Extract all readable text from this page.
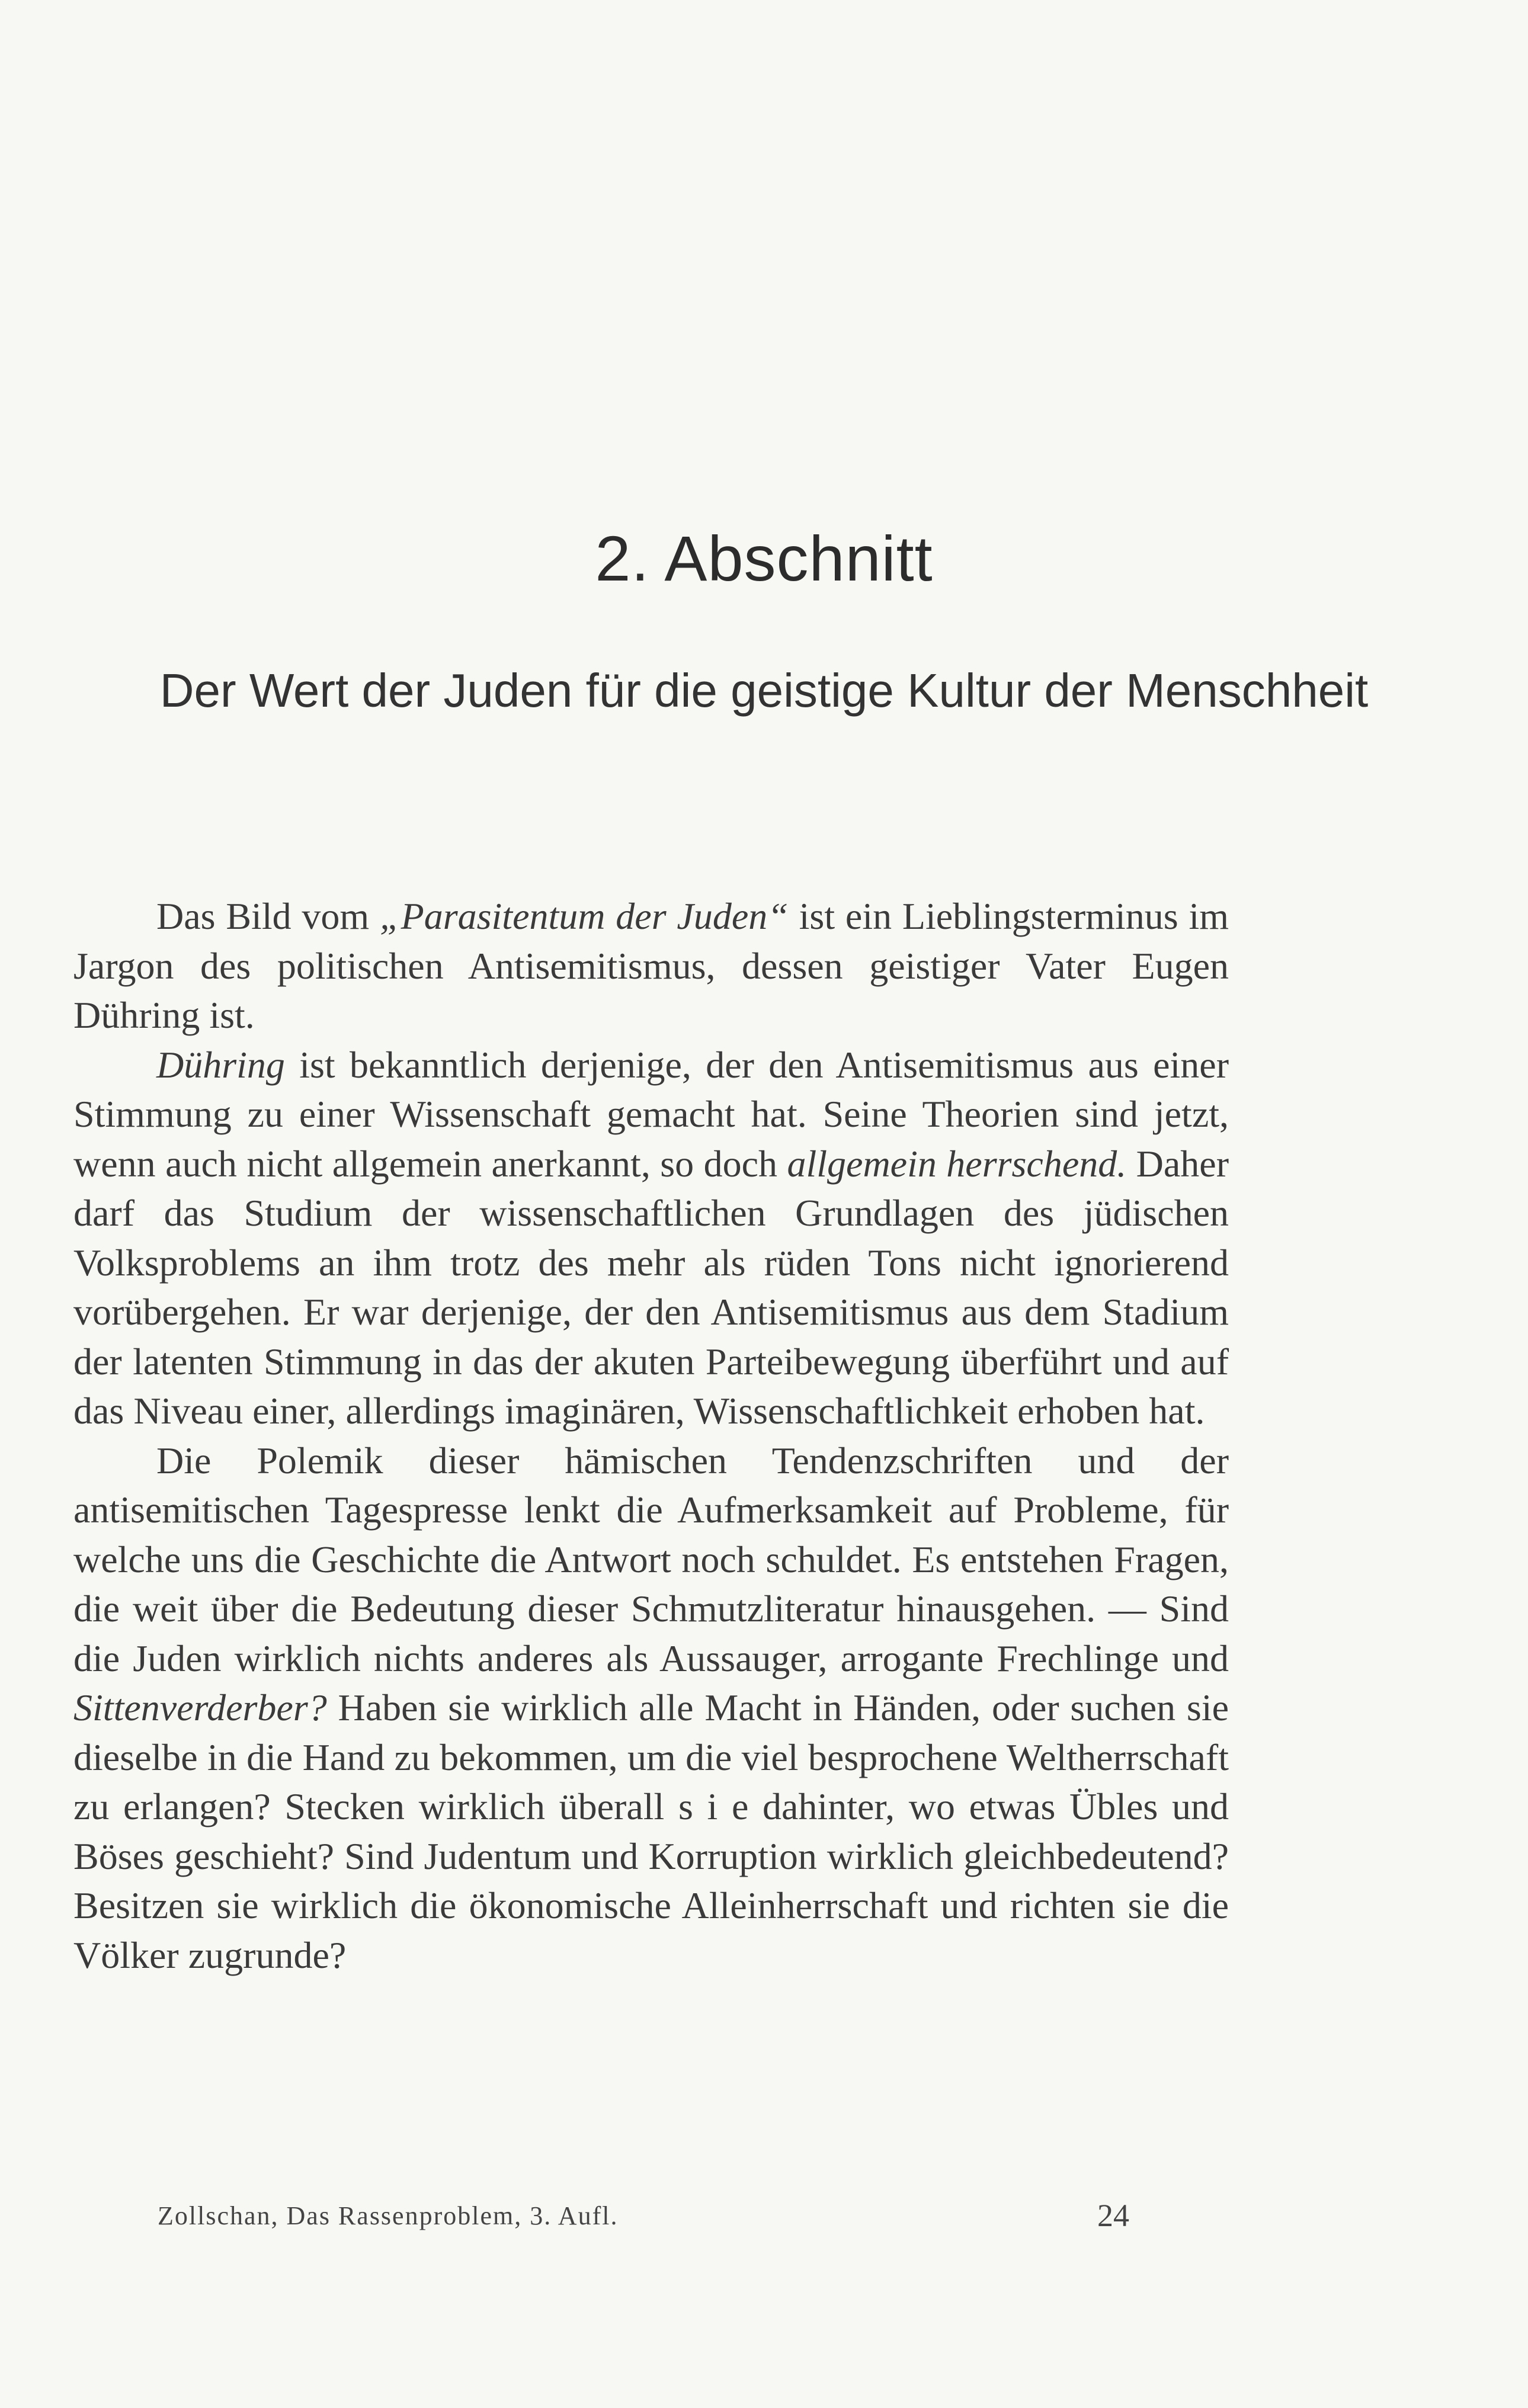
2. Abschnitt
Der Wert der Juden für die geistige Kultur der Menschheit

Das Bild vom „Parasitentum der Juden“ ist ein Lieblingsterminus im Jargon des politischen Antisemitismus, dessen geistiger Vater Eugen Dühring ist.

Dühring ist bekanntlich derjenige, der den Antisemitismus aus einer Stimmung zu einer Wissenschaft gemacht hat. Seine Theorien sind jetzt, wenn auch nicht allgemein anerkannt, so doch allgemein herrschend. Daher darf das Studium der wissenschaftlichen Grundlagen des jüdischen Volksproblems an ihm trotz des mehr als rüden Tons nicht ignorierend vorübergehen. Er war derjenige, der den Antisemitismus aus dem Stadium der latenten Stimmung in das der akuten Parteibewegung überführt und auf das Niveau einer, allerdings imaginären, Wissenschaftlichkeit erhoben hat.

Die Polemik dieser hämischen Tendenzschriften und der antisemitischen Tagespresse lenkt die Aufmerksamkeit auf Probleme, für welche uns die Geschichte die Antwort noch schuldet. Es entstehen Fragen, die weit über die Bedeutung dieser Schmutzliteratur hinausgehen. — Sind die Juden wirklich nichts anderes als Aussauger, arrogante Frechlinge und Sittenverderber? Haben sie wirklich alle Macht in Händen, oder suchen sie dieselbe in die Hand zu bekommen, um die viel besprochene Weltherrschaft zu erlangen? Stecken wirklich überall s i e dahinter, wo etwas Übles und Böses geschieht? Sind Judentum und Korruption wirklich gleichbedeutend? Besitzen sie wirklich die ökonomische Alleinherrschaft und richten sie die Völker zugrunde?

Zollschan, Das Rassenproblem, 3. Aufl.	24
